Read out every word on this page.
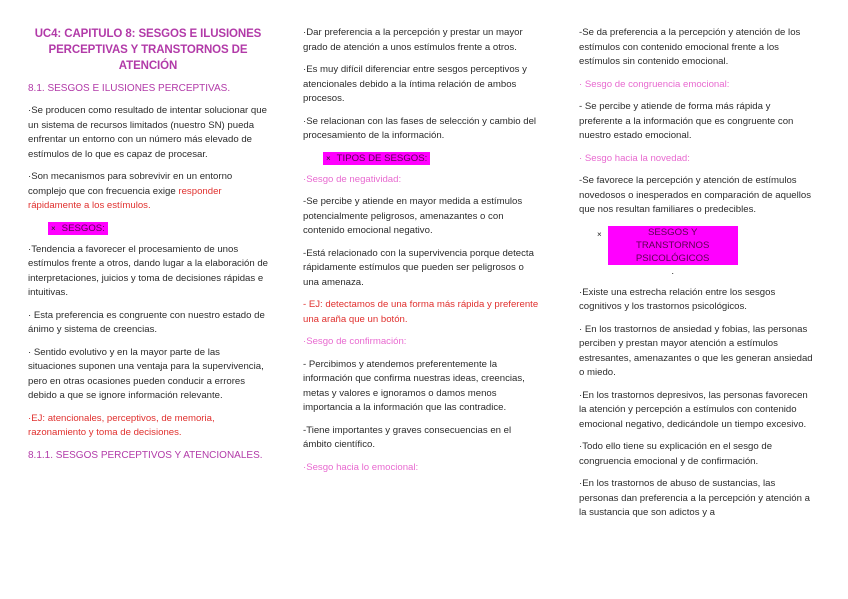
UC4: CAPITULO 8: SESGOS E ILUSIONES PERCEPTIVAS Y TRANSTORNOS DE ATENCIÓN
8.1. SESGOS E ILUSIONES PERCEPTIVAS.

·Se producen como resultado de intentar solucionar que un sistema de recursos limitados (nuestro SN) pueda enfrentar un entorno con un número más elevado de estímulos de lo que es capaz de procesar.

·Son mecanismos para sobrevivir en un entorno complejo que con frecuencia exige responder rápidamente a los estímulos.

× SESGOS:

·Tendencia a favorecer el procesamiento de unos estímulos frente a otros, dando lugar a la elaboración de interpretaciones, juicios y toma de decisiones rápidas e intuitivas.

· Esta preferencia es congruente con nuestro estado de ánimo y sistema de creencias.

· Sentido evolutivo y en la mayor parte de las situaciones suponen una ventaja para la supervivencia, pero en otras ocasiones pueden conducir a errores debido a que se ignore información relevante.

·EJ: atencionales, perceptivos, de memoria, razonamiento y toma de decisiones.

8.1.1. SESGOS PERCEPTIVOS Y ATENCIONALES.

·Dar preferencia a la percepción y prestar un mayor grado de atención a unos estímulos frente a otros.

·Es muy difícil diferenciar entre sesgos perceptivos y atencionales debido a la íntima relación de ambos procesos.

·Se relacionan con las fases de selección y cambio del procesamiento de la información.

× TIPOS DE SESGOS:
·Sesgo de negatividad:

-Se percibe y atiende en mayor medida a estímulos potencialmente peligrosos, amenazantes o con contenido emocional negativo.

-Está relacionado con la supervivencia porque detecta rápidamente estímulos que pueden ser peligrosos o una amenaza.

- EJ: detectamos de una forma más rápida y preferente una araña que un botón.

·Sesgo de confirmación:

- Percibimos y atendemos preferentemente la información que confirma nuestras ideas, creencias, metas y valores e ignoramos o damos menos importancia a la información que las contradice.

-Tiene importantes y graves consecuencias en el ámbito científico.

·Sesgo hacia lo emocional:

-Se da preferencia a la percepción y atención de los estímulos con contenido emocional frente a los estímulos sin contenido emocional.

· Sesgo de congruencia emocional:

- Se percibe y atiende de forma más rápida y preferente a la información que es congruente con nuestro estado emocional.

· Sesgo hacia la novedad:

-Se favorece la percepción y atención de estímulos novedosos o inesperados en comparación de aquellos que nos resultan familiares o predecibles.

×	SESGOS Y TRANSTORNOS PSICOLÓGICOS.

·Existe una estrecha relación entre los sesgos cognitivos y los trastornos psicológicos.

· En los trastornos de ansiedad y fobias, las personas perciben y prestan mayor atención a estímulos estresantes, amenazantes o que les generan ansiedad o miedo.

·En los trastornos depresivos, las personas favorecen la atención y percepción a estímulos con contenido emocional negativo, dedicándole un tiempo excesivo.

·Todo ello tiene su explicación en el sesgo de congruencia emocional y de confirmación.

·En los trastornos de abuso de sustancias, las personas dan preferencia a la percepción y atención a la sustancia que son adictos y a
